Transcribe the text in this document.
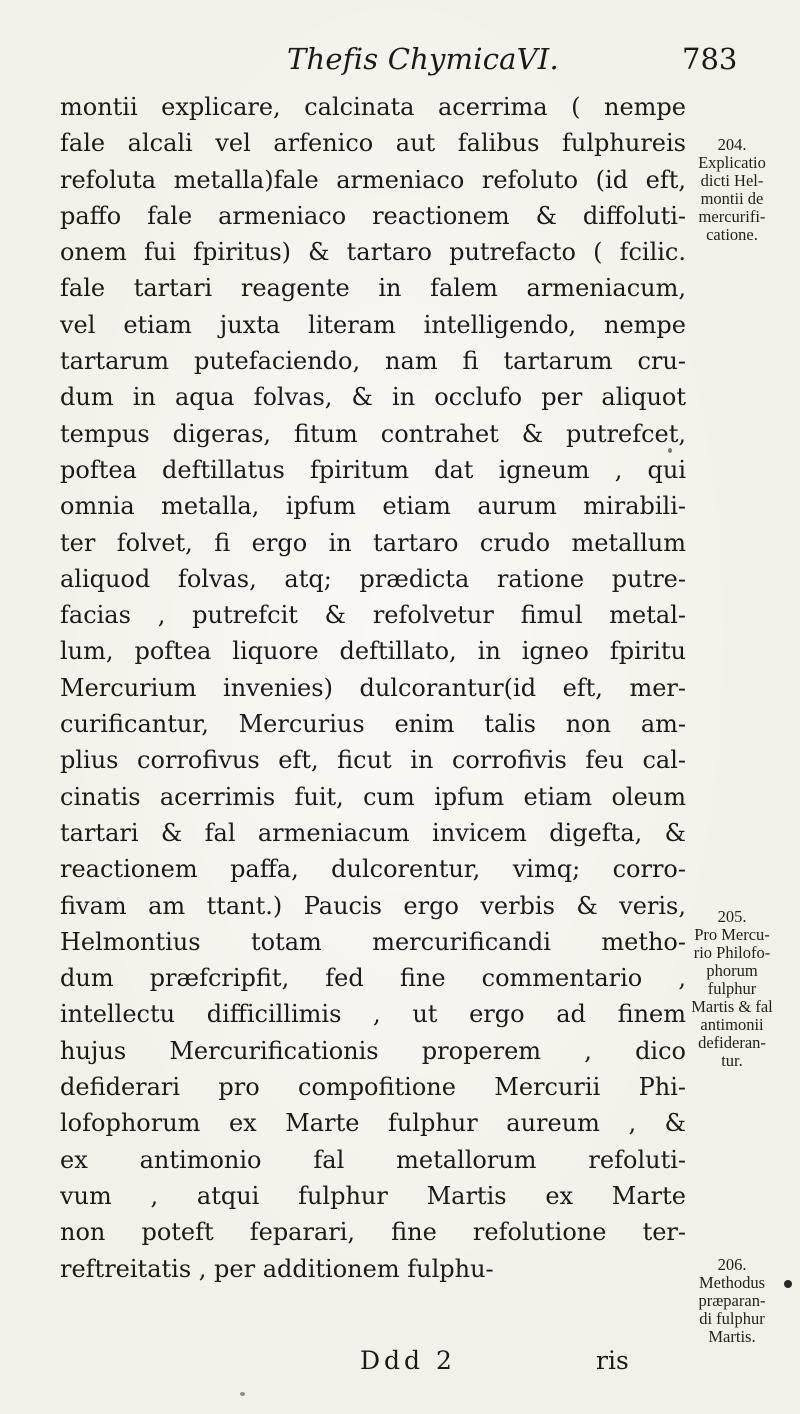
Thefis ChymicaVI.	783
montii explicare, calcinata acerrima ( nempe
fale alcali vel arfenico aut falibus fulphureis
refoluta metalla)fale armeniaco refoluto (id eft,
paffo fale armeniaco reactionem & diffoluti-
onem fui fpiritus) & tartaro putrefacto ( fcilic.
fale tartari reagente in falem armeniacum,
vel etiam juxta literam intelligendo, nempe
tartarum putefaciendo, nam fi tartarum cru-
dum in aqua folvas, & in occlufo per aliquot
tempus digeras, fitum contrahet & putrefcet,
poftea deftillatus fpiritum dat igneum , qui
omnia metalla, ipfum etiam aurum mirabili-
ter folvet, fi ergo in tartaro crudo metallum
aliquod folvas, atq; prædicta ratione putre-
facias , putrefcit & refolvetur fimul metal-
lum, poftea liquore deftillato, in igneo fpiritu
Mercurium invenies) dulcorantur(id eft, mer-
curificantur, Mercurius enim talis non am-
plius corrofivus eft, ficut in corrofivis feu cal-
cinatis acerrimis fuit, cum ipfum etiam oleum
tartari & fal armeniacum invicem digefta, &
reactionem paffa, dulcorentur, vimq; corro-
fivam am ttant.) Paucis ergo verbis & veris,
Helmontius totam mercurificandi metho-
dum præfcripfit, fed fine commentario ,
intellectu difficillimis , ut ergo ad finem
hujus Mercurificationis properem , dico
defiderari pro compofitione Mercurii Phi-
lofophorum ex Marte fulphur aureum , &
ex antimonio fal metallorum refoluti-
vum , atqui fulphur Martis ex Marte
non poteft feparari, fine refolutione ter-
reftreitatis , per additionem fulphu-
Ddd 2	ris
204.
Explicatio
dicti Hel-
montii de
mercurifi-
catione.
205.
Pro Mercu-
rio Philofo-
phorum
fulphur
Martis & fal
antimonii
defideran-
tur.
206.
Methodus
præparan-
di fulphur
Martis.
